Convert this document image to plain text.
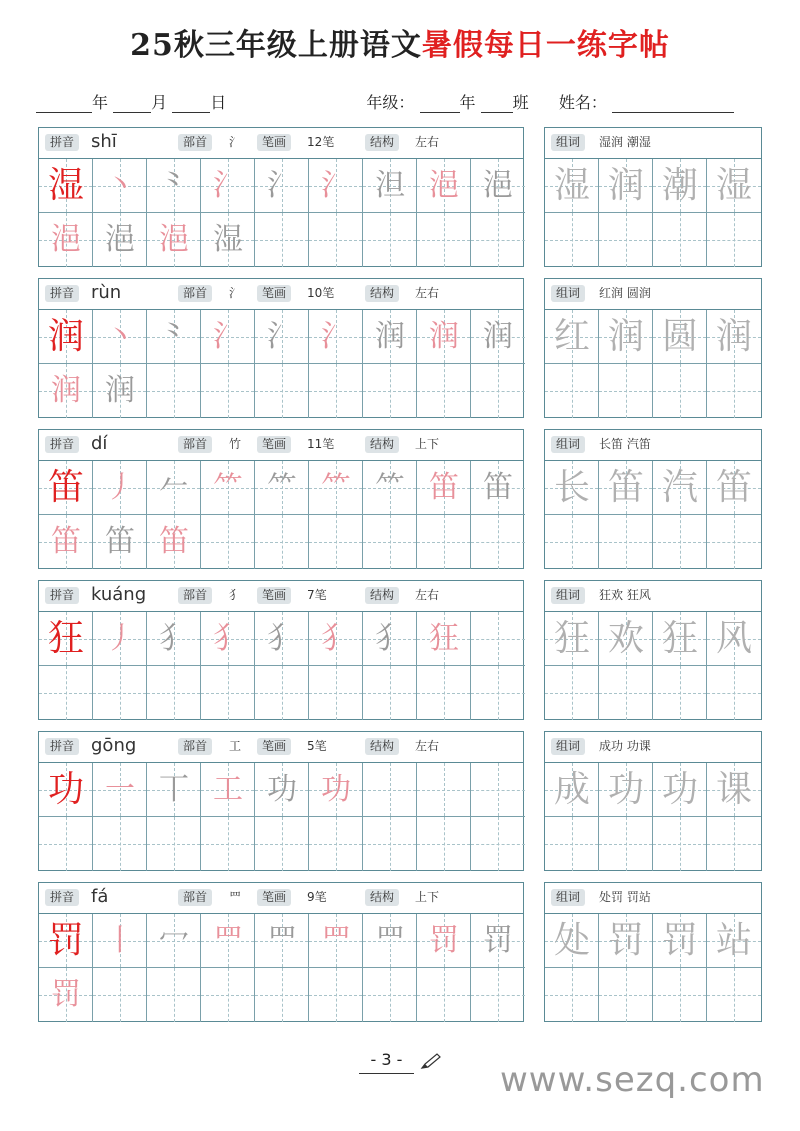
25秋三年级上册语文暑假每日一练字帖
年	月	日	年级：	年 班 姓名：
拼音 shī	部首	氵	笔画	12笔	结构	左右
湿 丶 ⺀ 氵 氵 氵 泹 浥 浥
浥 浥 浥 湿
组词	湿润 潮湿
湿 润 潮 湿
拼音 rùn	部首	氵	笔画	10笔	结构	左右
润 丶 ⺀ 氵 氵 氵 润 润 润
润 润
组词	红润 圆润
红 润 圆 润
拼音 dí	部首	竹	笔画	11笔	结构	上下
笛 丿 𠂉 ⺮ ⺮ ⺮ ⺮ 笛 笛
笛 笛 笛
组词	长笛 汽笛
长 笛 汽 笛
拼音 kuáng	部首	犭	笔画	7笔	结构	左右
狂 丿 犭 犭 犭 犭 犭 狂
组词	狂欢 狂风
狂 欢 狂 风
拼音 gōng	部首	工	笔画	5笔	结构	左右
功 一 丅 工 功 功
组词	成功 功课
成 功 功 课
拼音 fá	部首	罒	笔画	9笔	结构	上下
罚 丨 冖 罒 罒 罒 罒 罚 罚
罚
组词	处罚 罚站
处 罚 罚 站
- 3 -
www.sezq.com
